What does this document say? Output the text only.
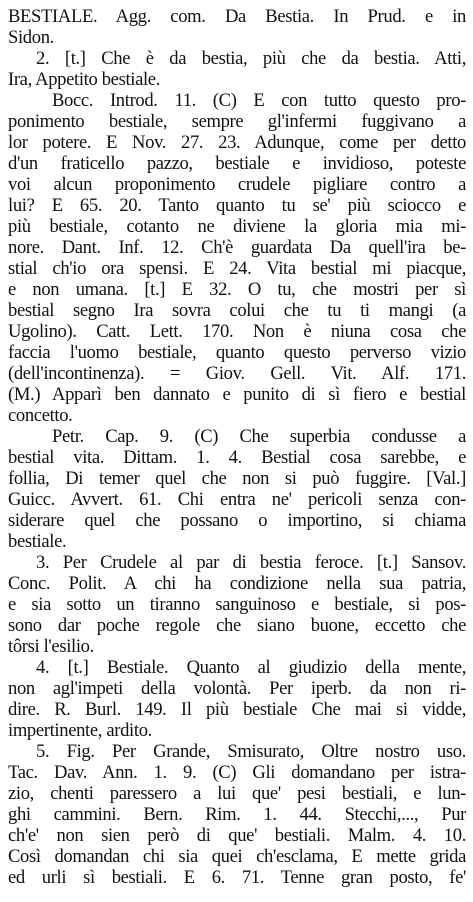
BESTIALE. Agg. com. Da Bestia. In Prud. e in
Sidon.
2. [t.] Che è da bestia, più che da bestia. Atti,
Ira, Appetito bestiale.
Bocc. Introd. 11. (C) E con tutto questo pro-
ponimento bestiale, sempre gl'infermi fuggivano a
lor potere. E Nov. 27. 23. Adunque, come per detto
d'un fraticello pazzo, bestiale e invidioso, poteste
voi alcun proponimento crudele pigliare contro a
lui? E 65. 20. Tanto quanto tu se' più sciocco e
più bestiale, cotanto ne diviene la gloria mia mi-
nore. Dant. Inf. 12. Ch'è guardata Da quell'ira be-
stial ch'io ora spensi. E 24. Vita bestial mi piacque,
e non umana. [t.] E 32. O tu, che mostri per sì
bestial segno Ira sovra colui che tu ti mangi (a
Ugolino). Catt. Lett. 170. Non è niuna cosa che
faccia l'uomo bestiale, quanto questo perverso vizio
(dell'incontinenza). = Giov. Gell. Vit. Alf. 171.
(M.) Apparì ben dannato e punito di sì fiero e bestial
concetto.
Petr. Cap. 9. (C) Che superbia condusse a
bestial vita. Dittam. 1. 4. Bestial cosa sarebbe, e
follia, Di temer quel che non si può fuggire. [Val.]
Guicc. Avvert. 61. Chi entra ne' pericoli senza con-
siderare quel che possano o importino, si chiama
bestiale.
3. Per Crudele al par di bestia feroce. [t.] Sansov.
Conc. Polit. A chi ha condizione nella sua patria,
e sia sotto un tiranno sanguinoso e bestiale, si pos-
sono dar poche regole che siano buone, eccetto che
tôrsi l'esilio.
4. [t.] Bestiale. Quanto al giudizio della mente,
non agl'impeti della volontà. Per iperb. da non ri-
dire. R. Burl. 149. Il più bestiale Che mai si vidde,
impertinente, ardito.
5. Fig. Per Grande, Smisurato, Oltre nostro uso.
Tac. Dav. Ann. 1. 9. (C) Gli domandano per istra-
zio, chenti paressero a lui que' pesi bestiali, e lun-
ghi cammini. Bern. Rim. 1. 44. Stecchi,..., Pur
ch'e' non sien però di que' bestiali. Malm. 4. 10.
Così domandan chi sia quei ch'esclama, E mette grida
ed urli sì bestiali. E 6. 71. Tenne gran posto, fe'
